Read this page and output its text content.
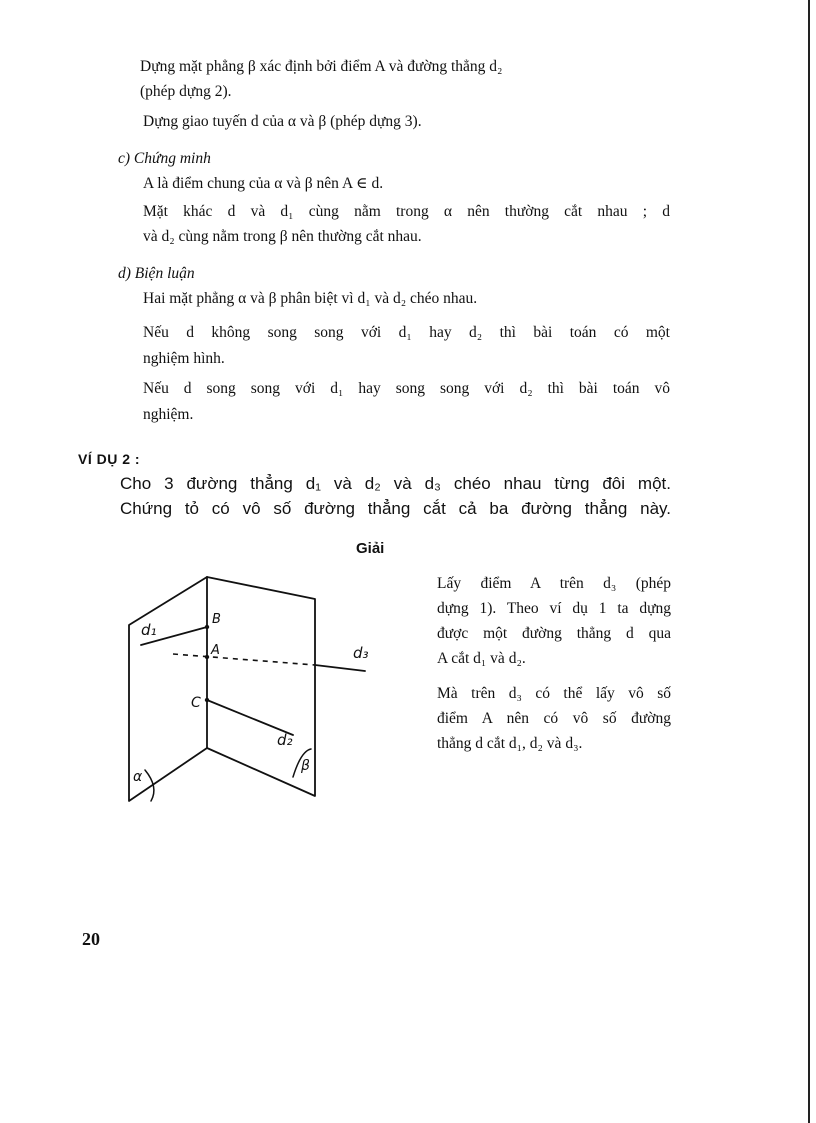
Dựng mặt phẳng β xác định bởi điểm A và đường thẳng d₂
(phép dựng 2).
Dựng giao tuyến d của α và β (phép dựng 3).
c) Chứng minh
A là điểm chung của α và β nên A ∈ d.
Mặt khác d và d₁ cùng nằm trong α nên thường cắt nhau ; d
và d₂ cùng nằm trong β nên thường cắt nhau.
d) Biện luận
Hai mặt phẳng α và β phân biệt vì d₁ và d₂ chéo nhau.
Nếu d không song song với d₁ hay d₂ thì bài toán có một
nghiệm hình.
Nếu d song song với d₁ hay song song với d₂ thì bài toán vô
nghiệm.
VÍ DỤ 2 :
Cho 3 đường thẳng d₁ và d₂ và d₃ chéo nhau từng đôi một.
Chứng tỏ có vô số đường thẳng cắt cả ba đường thẳng này.
Giải
Lấy điểm A trên d₃ (phép
dựng 1). Theo ví dụ 1 ta dựng
được một đường thẳng d qua
A cắt d₁ và d₂.
Mà trên d₃ có thể lấy vô số
điểm A nên có vô số đường
thẳng d cắt d₁, d₂ và d₃.
d₁
B
A	d₃
C
d₂
α
β
20
